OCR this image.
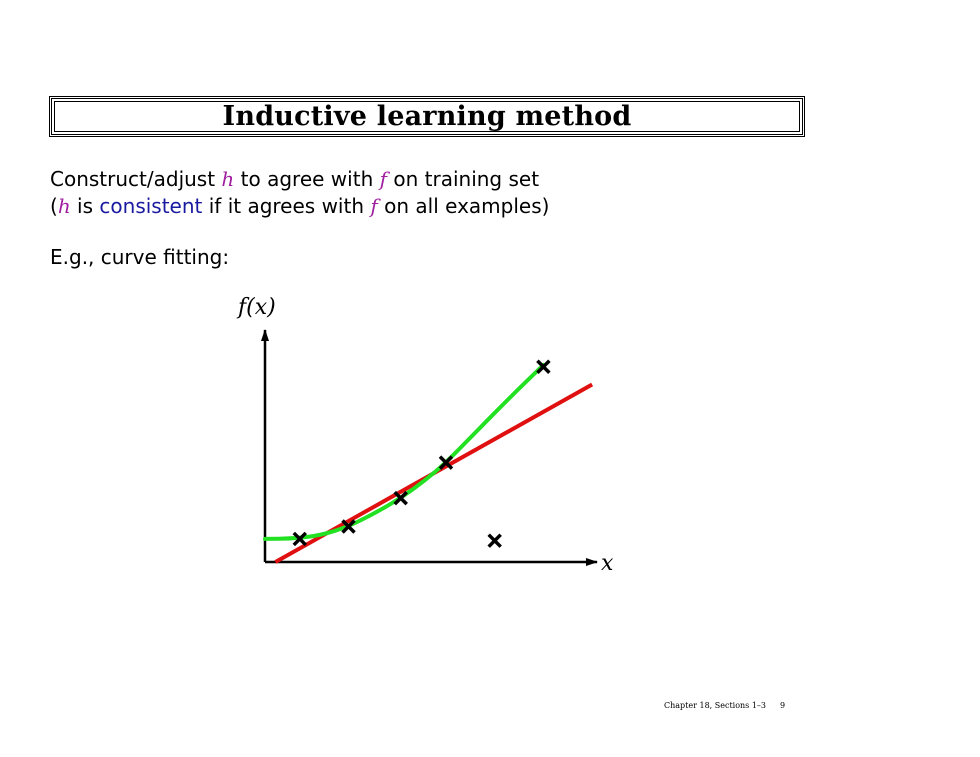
Inductive learning method
Construct/adjust h to agree with f on training set
(h is consistent if it agrees with f on all examples)
E.g., curve fitting:
x
f(x)
Chapter 18, Sections 1–3 9
